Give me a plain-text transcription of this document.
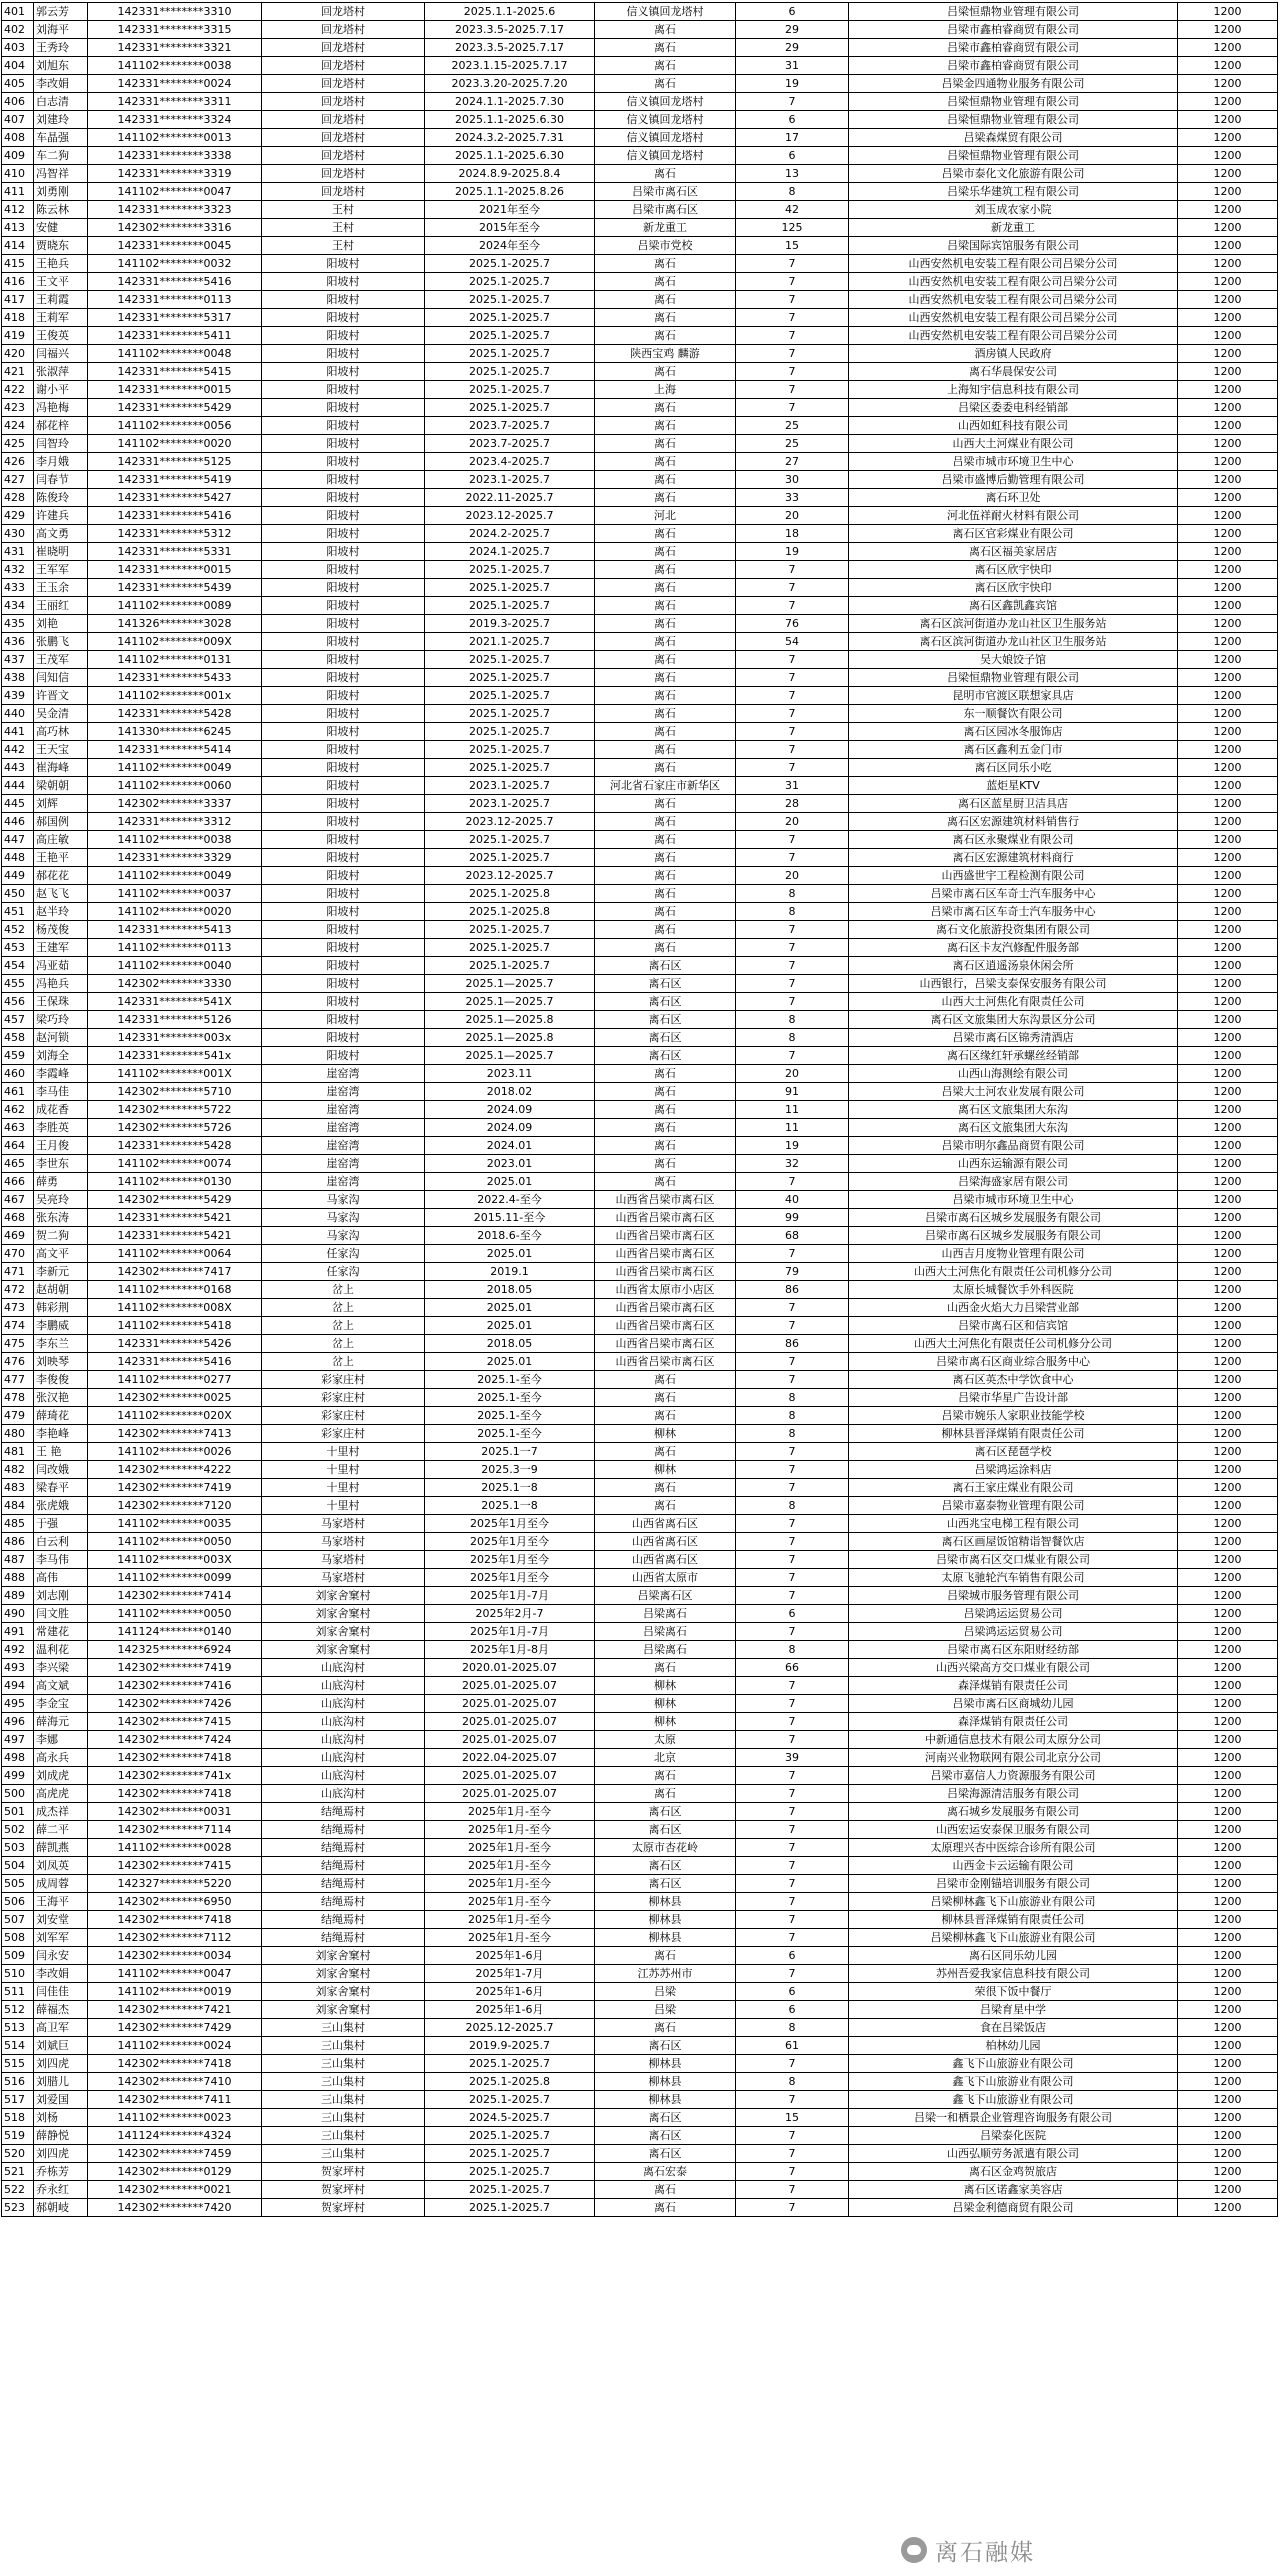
401	郭云芳	142331********3310	回龙塔村	2025.1.1-2025.6	信义镇回龙塔村	6	吕梁恒鼎物业管理有限公司	1200
402	刘海平	142331********3315	回龙塔村	2023.3.5-2025.7.17	离石	29	吕梁市鑫柏睿商贸有限公司	1200
403	王秀玲	142331********3321	回龙塔村	2023.3.5-2025.7.17	离石	29	吕梁市鑫柏睿商贸有限公司	1200
404	刘旭东	141102********0038	回龙塔村	2023.1.15-2025.7.17	离石	31	吕梁市鑫柏睿商贸有限公司	1200
405	李改娟	142331********0024	回龙塔村	2023.3.20-2025.7.20	离石	19	吕梁金四通物业服务有限公司	1200
406	白志清	142331********3311	回龙塔村	2024.1.1-2025.7.30	信义镇回龙塔村	7	吕梁恒鼎物业管理有限公司	1200
407	刘建玲	142331********3324	回龙塔村	2025.1.1-2025.6.30	信义镇回龙塔村	6	吕梁恒鼎物业管理有限公司	1200
408	车晶强	141102********0013	回龙塔村	2024.3.2-2025.7.31	信义镇回龙塔村	17	吕梁森煤贸有限公司	1200
409	车二狗	142331********3338	回龙塔村	2025.1.1-2025.6.30	信义镇回龙塔村	6	吕梁恒鼎物业管理有限公司	1200
410	冯智祥	142331********3319	回龙塔村	2024.8.9-2025.8.4	离石	13	吕梁市泰化文化旅游有限公司	1200
411	刘勇刚	141102********0047	回龙塔村	2025.1.1-2025.8.26	吕梁市离石区	8	吕梁乐华建筑工程有限公司	1200
412	陈云林	142331********3323	王村	2021年至今	吕梁市离石区	42	刘玉成农家小院	1200
413	安健	142302********3316	王村	2015年至今	新龙重工	125	新龙重工	1200
414	贾晓东	142331********0045	王村	2024年至今	吕梁市党校	15	吕梁国际宾馆服务有限公司	1200
415	王艳兵	141102********0032	阳坡村	2025.1-2025.7	离石	7	山西安然机电安装工程有限公司吕梁分公司	1200
416	王文平	142331********5416	阳坡村	2025.1-2025.7	离石	7	山西安然机电安装工程有限公司吕梁分公司	1200
417	王莉霞	142331********0113	阳坡村	2025.1-2025.7	离石	7	山西安然机电安装工程有限公司吕梁分公司	1200
418	王莉军	142331********5317	阳坡村	2025.1-2025.7	离石	7	山西安然机电安装工程有限公司吕梁分公司	1200
419	王俊英	142331********5411	阳坡村	2025.1-2025.7	离石	7	山西安然机电安装工程有限公司吕梁分公司	1200
420	闫福兴	141102********0048	阳坡村	2025.1-2025.7	陕西宝鸡 麟游	7	酒房镇人民政府	1200
421	张淑萍	142331********5415	阳坡村	2025.1-2025.7	离石	7	离石华晨保安公司	1200
422	谢小平	142331********0015	阳坡村	2025.1-2025.7	上海	7	上海知宇信息科技有限公司	1200
423	冯艳梅	142331********5429	阳坡村	2025.1-2025.7	离石	7	吕梁区委委电科经销部	1200
424	郝花梓	141102********0056	阳坡村	2023.7-2025.7	离石	25	山西如虹科技有限公司	1200
425	闫智玲	141102********0020	阳坡村	2023.7-2025.7	离石	25	山西大土河煤业有限公司	1200
426	李月娥	142331********5125	阳坡村	2023.4-2025.7	离石	27	吕梁市城市环境卫生中心	1200
427	闫春节	142331********5419	阳坡村	2023.1-2025.7	离石	30	吕梁市盛博后勤管理有限公司	1200
428	陈俊玲	142331********5427	阳坡村	2022.11-2025.7	离石	33	离石环卫处	1200
429	许建兵	142331********5416	阳坡村	2023.12-2025.7	河北	20	河北伍祥耐火材料有限公司	1200
430	高文勇	142331********5312	阳坡村	2024.2-2025.7	离石	18	离石区官彩煤业有限公司	1200
431	崔晓明	142331********5331	阳坡村	2024.1-2025.7	离石	19	离石区福美家居店	1200
432	王军军	142331********0015	阳坡村	2025.1-2025.7	离石	7	离石区欣宇快印	1200
433	王玉余	142331********5439	阳坡村	2025.1-2025.7	离石	7	离石区欣宇快印	1200
434	王丽红	141102********0089	阳坡村	2025.1-2025.7	离石	7	离石区鑫凯鑫宾馆	1200
435	刘艳	141326********3028	阳坡村	2019.3-2025.7	离石	76	离石区滨河街道办龙山社区卫生服务站	1200
436	张鹏飞	141102********009X	阳坡村	2021.1-2025.7	离石	54	离石区滨河街道办龙山社区卫生服务站	1200
437	王茂军	141102********0131	阳坡村	2025.1-2025.7	离石	7	吴大娘饺子馆	1200
438	闫知信	142331********5433	阳坡村	2025.1-2025.7	离石	7	吕梁恒鼎物业管理有限公司	1200
439	许晋文	141102********001x	阳坡村	2025.1-2025.7	离石	7	昆明市官渡区联想家具店	1200
440	吴金清	142331********5428	阳坡村	2025.1-2025.7	离石	7	东一顺餐饮有限公司	1200
441	高巧林	141330********6245	阳坡村	2025.1-2025.7	离石	7	离石区园冰冬服饰店	1200
442	王天宝	142331********5414	阳坡村	2025.1-2025.7	离石	7	离石区鑫利五金门市	1200
443	崔海峰	141102********0049	阳坡村	2025.1-2025.7	离石	7	离石区同乐小吃	1200
444	梁朝朝	141102********0060	阳坡村	2023.1-2025.7	河北省石家庄市新华区	31	蓝炬星KTV	1200
445	刘辉	142302********3337	阳坡村	2023.1-2025.7	离石	28	离石区蓝星厨卫洁具店	1200
446	郝国例	142331********3312	阳坡村	2023.12-2025.7	离石	20	离石区宏源建筑材料销售行	1200
447	高庄敏	141102********0038	阳坡村	2025.1-2025.7	离石	7	离石区永聚煤业有限公司	1200
448	王艳平	142331********3329	阳坡村	2025.1-2025.7	离石	7	离石区宏源建筑材料商行	1200
449	郝花花	141102********0049	阳坡村	2023.12-2025.7	离石	20	山西盛世宇工程检测有限公司	1200
450	赵飞飞	141102********0037	阳坡村	2025.1-2025.8	离石	8	吕梁市离石区车奇士汽车服务中心	1200
451	赵半玲	141102********0020	阳坡村	2025.1-2025.8	离石	8	吕梁市离石区车奇士汽车服务中心	1200
452	杨茂俊	142331********5413	阳坡村	2025.1-2025.7	离石	7	离石文化旅游投资集团有限公司	1200
453	王建军	141102********0113	阳坡村	2025.1-2025.7	离石	7	离石区卡友汽修配件服务部	1200
454	冯亚茹	141102********0040	阳坡村	2025.1-2025.7	离石区	7	离石区逍遥汤泉休闲会所	1200
455	冯艳兵	142302********3330	阳坡村	2025.1—2025.7	离石区	7	山西银行，吕梁支泰保安服务有限公司	1200
456	王保珠	142331********541X	阳坡村	2025.1—2025.7	离石区	7	山西大土河焦化有限责任公司	1200
457	梁巧玲	142331********5126	阳坡村	2025.1—2025.8	离石区	8	离石区文旅集团大东沟景区分公司	1200
458	赵河锁	142331********003x	阳坡村	2025.1—2025.8	离石区	8	吕梁市离石区锦秀清酒店	1200
459	刘海全	142331********541x	阳坡村	2025.1—2025.7	离石区	7	离石区缘红轩承螺丝经销部	1200
460	李霞峰	141102********001X	崖窑湾	2023.11	离石	20	山西山海测绘有限公司	1200
461	李马佳	142302********5710	崖窑湾	2018.02	离石	91	吕梁大土河农业发展有限公司	1200
462	成花香	142302********5722	崖窑湾	2024.09	离石	11	离石区文旅集团大东沟	1200
463	李胜英	142302********5726	崖窑湾	2024.09	离石	11	离石区文旅集团大东沟	1200
464	王月俊	142331********5428	崖窑湾	2024.01	离石	19	吕梁市明尔鑫品商贸有限公司	1200
465	李世东	141102********0074	崖窑湾	2023.01	离石	32	山西东运输源有限公司	1200
466	薛勇	141102********0130	崖窑湾	2025.01	离石	7	吕梁海盛家居有限公司	1200
467	吴亮玲	142302********5429	马家沟	2022.4-至今	山西省吕梁市离石区	40	吕梁市城市环境卫生中心	1200
468	张东涛	142331********5421	马家沟	2015.11-至今	山西省吕梁市离石区	99	吕梁市离石区城乡发展服务有限公司	1200
469	贺二狗	142331********5421	马家沟	2018.6-至今	山西省吕梁市离石区	68	吕梁市离石区城乡发展服务有限公司	1200
470	高文平	141102********0064	任家沟	2025.01	山西省吕梁市离石区	7	山西吉月度物业管理有限公司	1200
471	李新元	142302********7417	任家沟	2019.1	山西省吕梁市离石区	79	山西大土河焦化有限责任公司机修分公司	1200
472	赵胡朝	141102********0168	岔上	2018.05	山西省太原市小店区	86	太原长城餐饮手外科医院	1200
473	韩彩荆	141102********008X	岔上	2025.01	山西省吕梁市离石区	7	山西金火焰大力吕梁营业部	1200
474	李鹏威	141102********5418	岔上	2025.01	山西省吕梁市离石区	7	吕梁市离石区和信宾馆	1200
475	李东兰	142331********5426	岔上	2018.05	山西省吕梁市离石区	86	山西大土河焦化有限责任公司机修分公司	1200
476	刘映琴	142331********5416	岔上	2025.01	山西省吕梁市离石区	7	吕梁市离石区商业综合服务中心	1200
477	李俊俊	141102********0277	彩家庄村	2025.1-至今	离石	7	离石区英杰中学饮食中心	1200
478	张汉艳	142302********0025	彩家庄村	2025.1-至今	离石	8	吕梁市华星广告设计部	1200
479	薛琦花	141102********020X	彩家庄村	2025.1-至今	离石	8	吕梁市婉乐人家职业技能学校	1200
480	李艳峰	142302********7413	彩家庄村	2025.1-至今	柳林	8	柳林县晋泽煤销有限责任公司	1200
481	王 艳	141102********0026	十里村	2025.1一7	离石	7	离石区琵琶学校	1200
482	闫改娥	142302********4222	十里村	2025.3一9	柳林	7	吕梁鸿运涂料店	1200
483	梁春平	142302********7419	十里村	2025.1一8	离石	7	离石王家庄煤业有限公司	1200
484	张虎娥	142302********7120	十里村	2025.1一8	离石	8	吕梁市嘉泰物业管理有限公司	1200
485	于强	141102********0035	马家塔村	2025年1月至今	山西省离石区	7	山西兆宝电梯工程有限公司	1200
486	白云利	141102********0050	马家塔村	2025年1月至今	山西省离石区	7	离石区画屋饭馆精诣智餐饮店	1200
487	李马伟	141102********003X	马家塔村	2025年1月至今	山西省离石区	7	吕梁市离石区交口煤业有限公司	1200
488	高伟	141102********0099	马家塔村	2025年1月至今	山西省太原市	7	太原飞驰轮汽车销售有限公司	1200
489	刘志刚	142302********7414	刘家舍窠村	2025年1月-7月	吕梁离石区	7	吕梁城市服务管理有限公司	1200
490	闫文胜	141102********0050	刘家舍窠村	2025年2月-7	吕梁离石	6	吕梁鸿运运贸易公司	1200
491	常建花	141124********0140	刘家舍窠村	2025年1月-7月	吕梁离石	7	吕梁鸿运运贸易公司	1200
492	温利花	142325********6924	刘家舍窠村	2025年1月-8月	吕梁离石	8	吕梁市离石区东阳财经纺部	1200
493	李兴梁	142302********7419	山底沟村	2020.01-2025.07	离石	66	山西兴梁高方交口煤业有限公司	1200
494	高文斌	142302********7416	山底沟村	2025.01-2025.07	柳林	7	森泽煤销有限责任公司	1200
495	李金宝	142302********7426	山底沟村	2025.01-2025.07	柳林	7	吕梁市离石区商城幼儿园	1200
496	薛海元	142302********7415	山底沟村	2025.01-2025.07	柳林	7	森泽煤销有限责任公司	1200
497	李娜	142302********7424	山底沟村	2025.01-2025.07	太原	7	中新通信息技术有限公司太原分公司	1200
498	高永兵	142302********7418	山底沟村	2022.04-2025.07	北京	39	河南兴业物联网有限公司北京分公司	1200
499	刘成虎	142302********741x	山底沟村	2025.01-2025.07	离石	7	吕梁市嘉信人力资源服务有限公司	1200
500	高虎虎	142302********7418	山底沟村	2025.01-2025.07	离石	7	吕梁海源清洁服务有限公司	1200
501	成杰祥	142302********0031	结绳焉村	2025年1月-至今	离石区	7	离石城乡发展服务有限公司	1200
502	薛二平	142302********7114	结绳焉村	2025年1月-至今	离石区	7	山西宏运安泰保卫服务有限公司	1200
503	薛凯燕	141102********0028	结绳焉村	2025年1月-至今	太原市杏花岭	7	太原理兴杏中医综合诊所有限公司	1200
504	刘凤英	142302********7415	结绳焉村	2025年1月-至今	离石区	7	山西金卡云运输有限公司	1200
505	成周蓉	142327********5220	结绳焉村	2025年1月-至今	离石区	7	吕梁市金刚锚培训服务有限公司	1200
506	王海平	142302********6950	结绳焉村	2025年1月-至今	柳林县	7	吕梁柳林鑫飞下山旅游业有限公司	1200
507	刘安堂	142302********7418	结绳焉村	2025年1月-至今	柳林县	7	柳林县晋泽煤销有限责任公司	1200
508	刘军军	142302********7112	结绳焉村	2025年1月-至今	柳林县	7	吕梁柳林鑫飞下山旅游业有限公司	1200
509	闫永安	142302********0034	刘家舍窠村	2025年1-6月	离石	6	离石区同乐幼儿园	1200
510	李改娟	141102********0047	刘家舍窠村	2025年1-7月	江苏苏州市	7	苏州吾爱我家信息科技有限公司	1200
511	闫佳佳	141102********0019	刘家舍窠村	2025年1-6月	吕梁	6	荣很下饭中餐厅	1200
512	薛福杰	142302********7421	刘家舍窠村	2025年1-6月	吕梁	6	吕梁育星中学	1200
513	高卫军	142302********7429	三山集村	2025.12-2025.7	离石	8	食在吕梁饭店	1200
514	刘斌巨	141102********0024	三山集村	2019.9-2025.7	离石区	61	柏林幼儿园	1200
515	刘四虎	142302********7418	三山集村	2025.1-2025.7	柳林县	7	鑫飞下山旅游业有限公司	1200
516	刘腊儿	142302********7410	三山集村	2025.1-2025.8	柳林县	8	鑫飞下山旅游业有限公司	1200
517	刘爱国	142302********7411	三山集村	2025.1-2025.7	柳林县	7	鑫飞下山旅游业有限公司	1200
518	刘杨	141102********0023	三山集村	2024.5-2025.7	离石区	15	吕梁一和栖景企业管理咨询服务有限公司	1200
519	薛静悦	141124********4324	三山集村	2025.1-2025.7	离石区	7	吕梁泰化医院	1200
520	刘四虎	142302********7459	三山集村	2025.1-2025.7	离石区	7	山西弘顺劳务派遣有限公司	1200
521	乔栋芳	142302********0129	贺家坪村	2025.1-2025.7	离石宏泰	7	离石区金鸡贺旅店	1200
522	乔永红	142302********0021	贺家坪村	2025.1-2025.7	离石	7	离石区诺鑫家美容店	1200
523	郝朝岐	142302********7420	贺家坪村	2025.1-2025.7	离石	7	吕梁金利德商贸有限公司	1200
离石融媒
